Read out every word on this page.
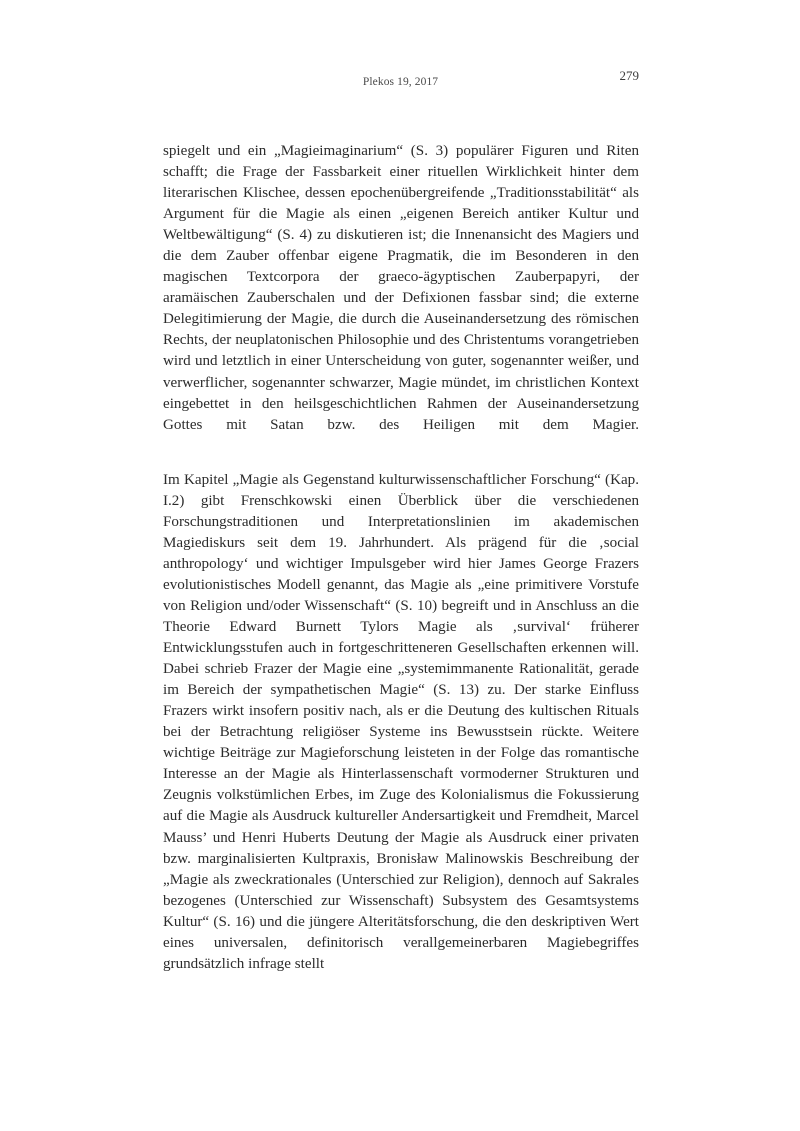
Plekos 19, 2017	279

spiegelt und ein „Magieimaginarium“ (S. 3) populärer Figuren und Riten schafft; die Frage der Fassbarkeit einer rituellen Wirklichkeit hinter dem literarischen Klischee, dessen epochenübergreifende „Traditionsstabilität“ als Argument für die Magie als einen „eigenen Bereich antiker Kultur und Weltbewältigung“ (S. 4) zu diskutieren ist; die Innenansicht des Magiers und die dem Zauber offenbar eigene Pragmatik, die im Besonderen in den magischen Textcorpora der graeco-ägyptischen Zauberpapyri, der aramäischen Zauberschalen und der Defixionen fassbar sind; die externe Delegitimierung der Magie, die durch die Auseinandersetzung des römischen Rechts, der neuplatonischen Philosophie und des Christentums vorangetrieben wird und letztlich in einer Unterscheidung von guter, sogenannter weißer, und verwerflicher, sogenannter schwarzer, Magie mündet, im christlichen Kontext eingebettet in den heilsgeschichtlichen Rahmen der Auseinandersetzung Gottes mit Satan bzw. des Heiligen mit dem Magier.

Im Kapitel „Magie als Gegenstand kulturwissenschaftlicher Forschung“ (Kap. I.2) gibt Frenschkowski einen Überblick über die verschiedenen Forschungstraditionen und Interpretationslinien im akademischen Magiediskurs seit dem 19. Jahrhundert. Als prägend für die ‚social anthropology‘ und wichtiger Impulsgeber wird hier James George Frazers evolutionistisches Modell genannt, das Magie als „eine primitivere Vorstufe von Religion und/oder Wissenschaft“ (S. 10) begreift und in Anschluss an die Theorie Edward Burnett Tylors Magie als ‚survival‘ früherer Entwicklungsstufen auch in fortgeschritteneren Gesellschaften erkennen will. Dabei schrieb Frazer der Magie eine „systemimmanente Rationalität, gerade im Bereich der sympathetischen Magie“ (S. 13) zu. Der starke Einfluss Frazers wirkt insofern positiv nach, als er die Deutung des kultischen Rituals bei der Betrachtung religiöser Systeme ins Bewusstsein rückte. Weitere wichtige Beiträge zur Magieforschung leisteten in der Folge das romantische Interesse an der Magie als Hinterlassenschaft vormoderner Strukturen und Zeugnis volkstümlichen Erbes, im Zuge des Kolonialismus die Fokussierung auf die Magie als Ausdruck kultureller Andersartigkeit und Fremdheit, Marcel Mauss’ und Henri Huberts Deutung der Magie als Ausdruck einer privaten bzw. marginalisierten Kultpraxis, Bronisław Malinowskis Beschreibung der „Magie als zweckrationales (Unterschied zur Religion), dennoch auf Sakrales bezogenes (Unterschied zur Wissenschaft) Subsystem des Gesamtsystems Kultur“ (S. 16) und die jüngere Alteritätsforschung, die den deskriptiven Wert eines universalen, definitorisch verallgemeinerbaren Magiebegriffes grundsätzlich infrage stellt
